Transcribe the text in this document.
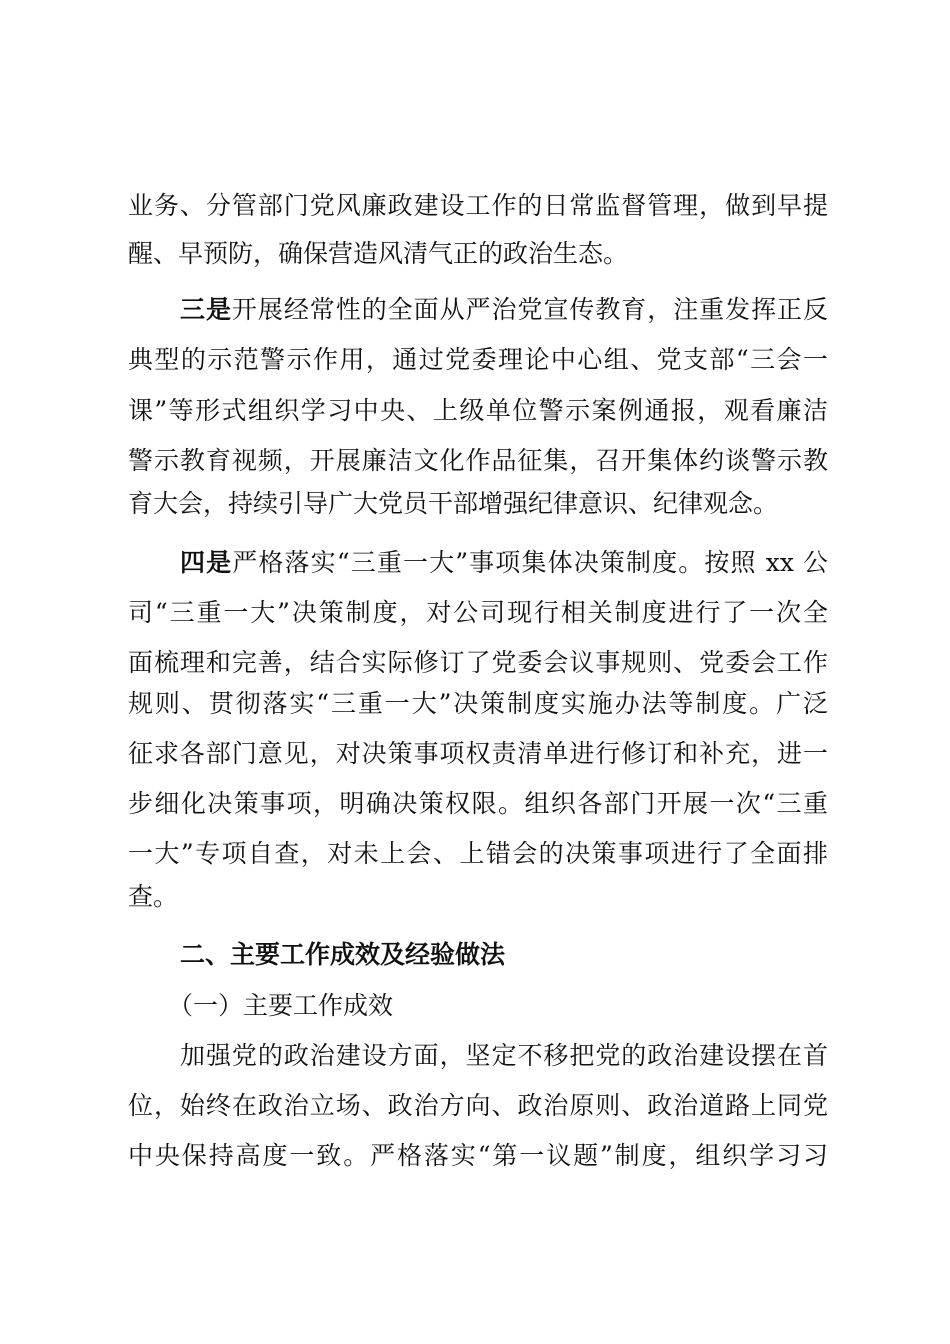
业务、分管部门党风廉政建设工作的日常监督管理，做到早提
醒、早预防，确保营造风清气正的政治生态。
三是开展经常性的全面从严治党宣传教育，注重发挥正反
典型的示范警示作用，通过党委理论中心组、党支部“三会一
课”等形式组织学习中央、上级单位警示案例通报，观看廉洁
警示教育视频，开展廉洁文化作品征集，召开集体约谈警示教
育大会，持续引导广大党员干部增强纪律意识、纪律观念。
四是严格落实“三重一大”事项集体决策制度。按照 xx 公
司“三重一大”决策制度，对公司现行相关制度进行了一次全
面梳理和完善，结合实际修订了党委会议事规则、党委会工作
规则、贯彻落实“三重一大”决策制度实施办法等制度。广泛
征求各部门意见，对决策事项权责清单进行修订和补充，进一
步细化决策事项，明确决策权限。组织各部门开展一次“三重
一大”专项自查，对未上会、上错会的决策事项进行了全面排
查。
二、主要工作成效及经验做法
（一）主要工作成效
加强党的政治建设方面，坚定不移把党的政治建设摆在首
位，始终在政治立场、政治方向、政治原则、政治道路上同党
中央保持高度一致。严格落实“第一议题”制度，组织学习习
